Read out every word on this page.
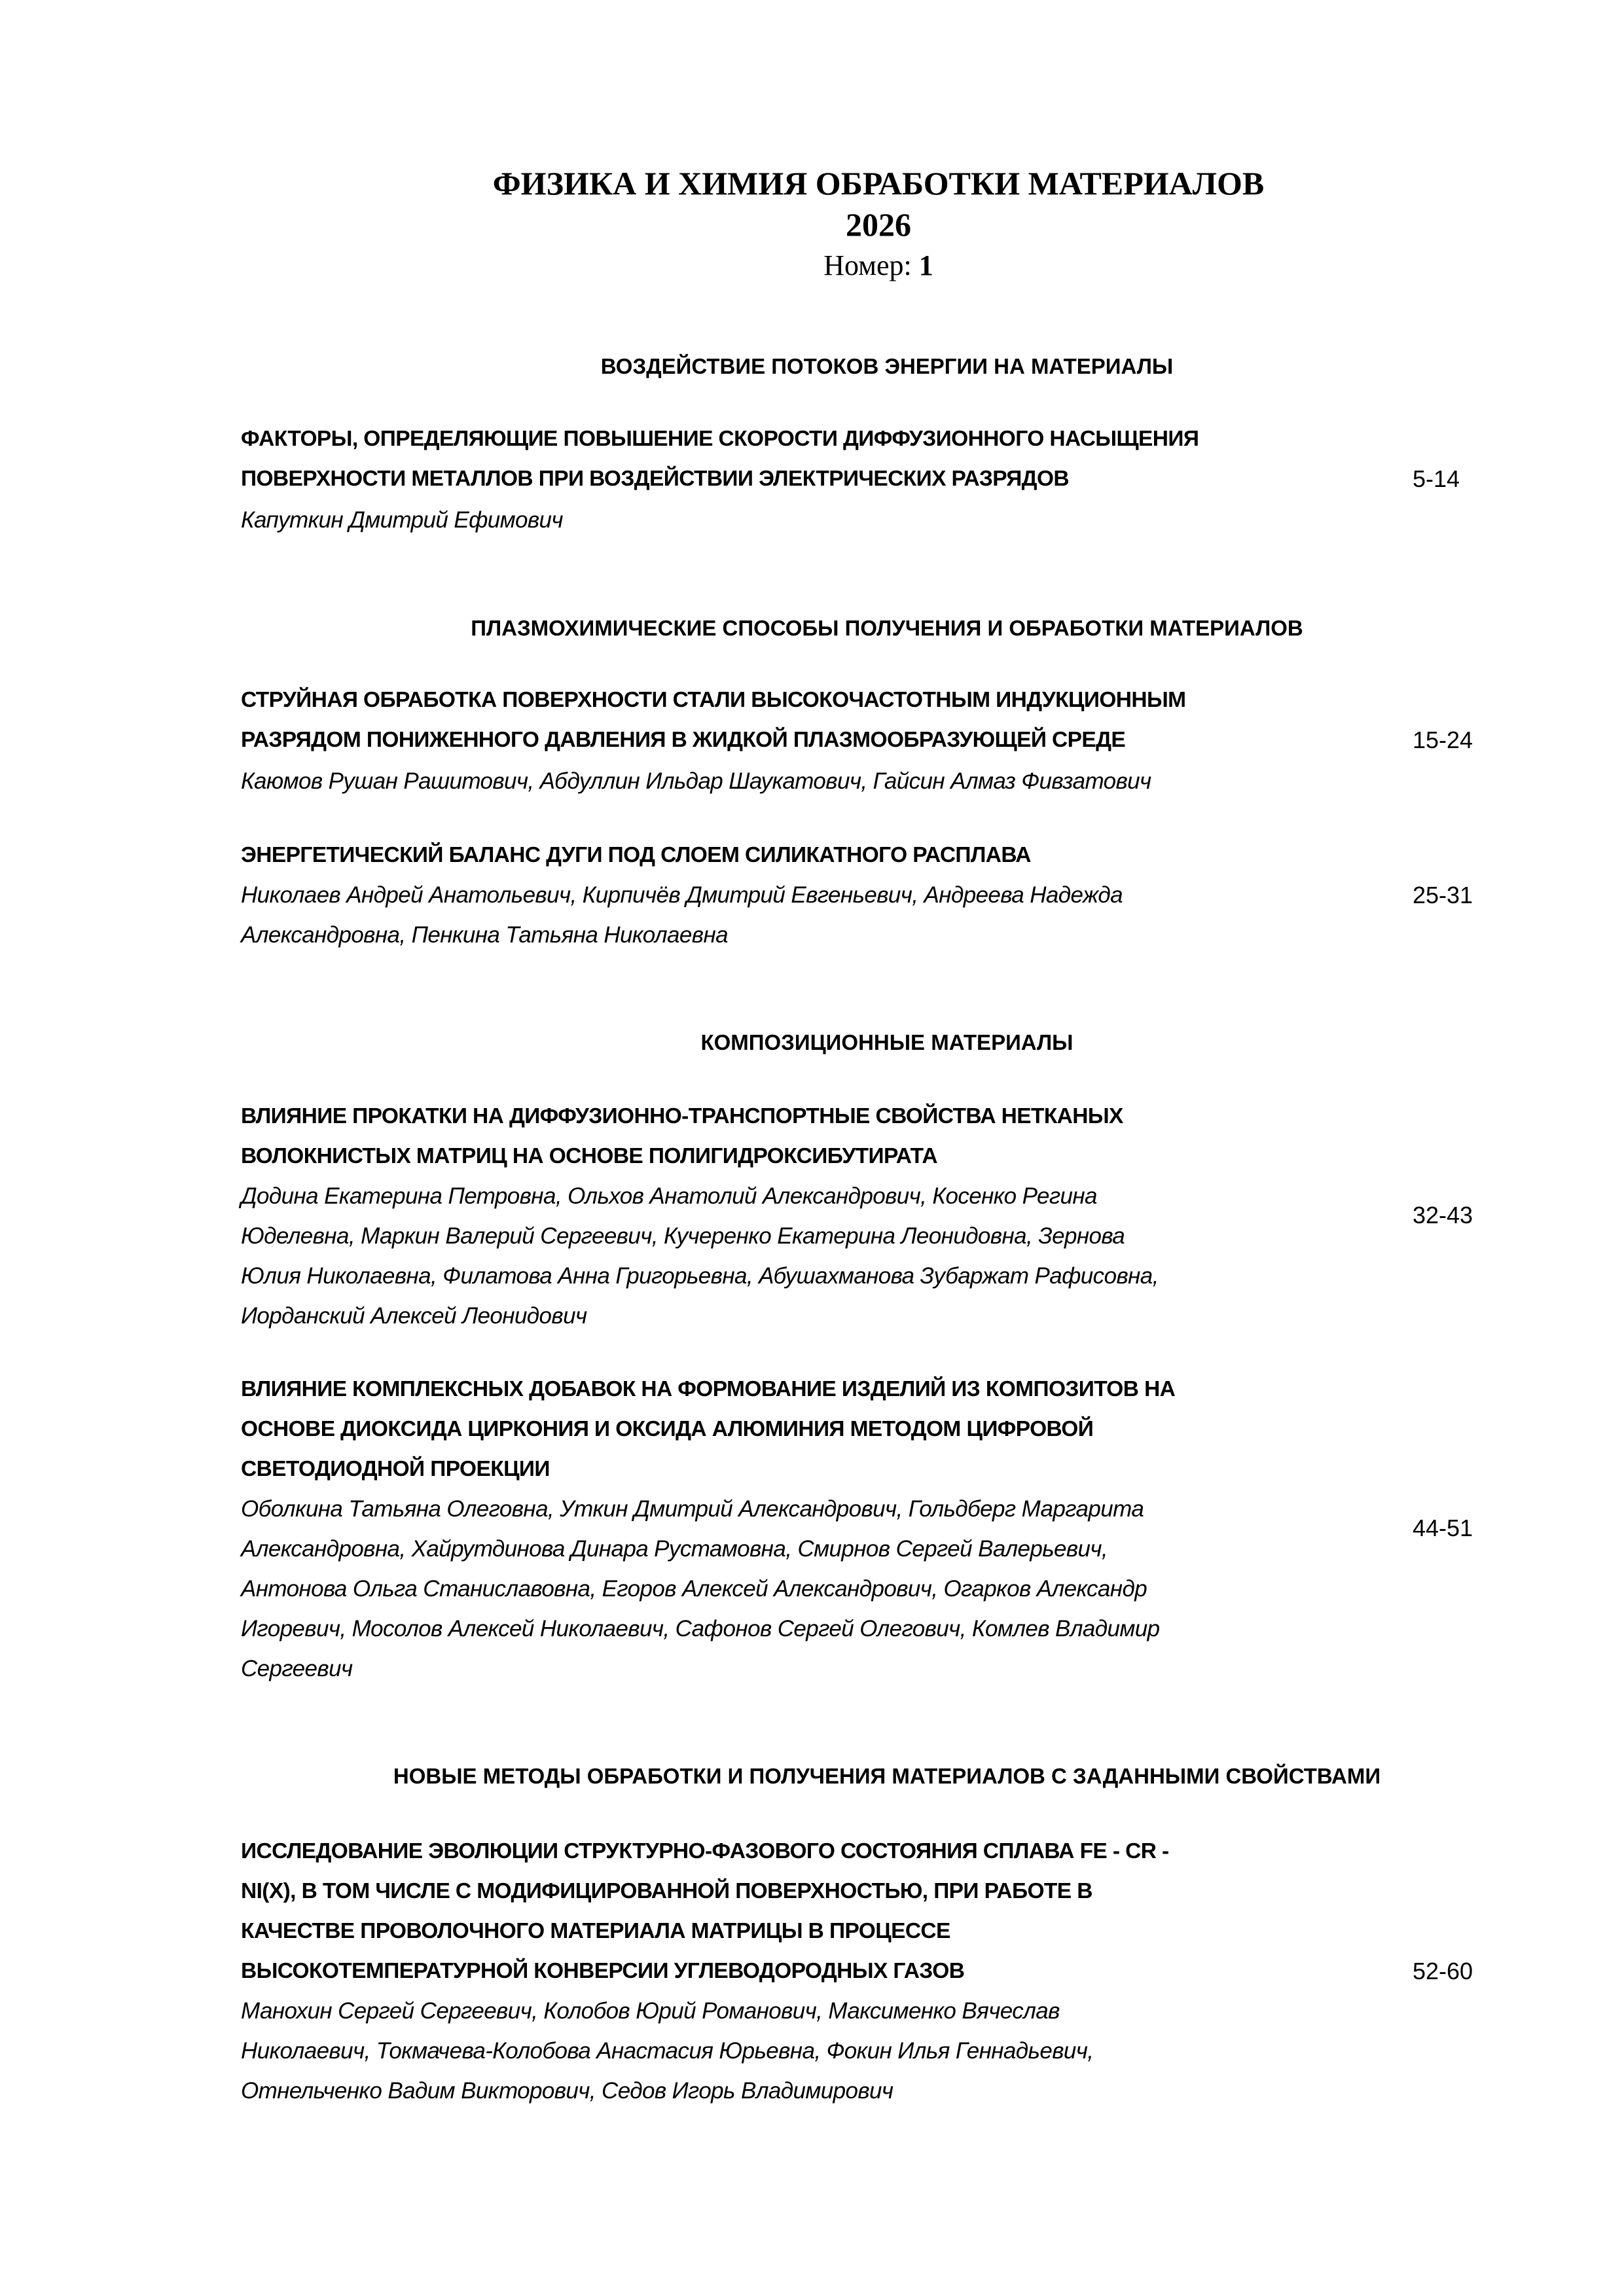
ФИЗИКА И ХИМИЯ ОБРАБОТКИ МАТЕРИАЛОВ
2026
Номер: 1
ВОЗДЕЙСТВИЕ ПОТОКОВ ЭНЕРГИИ НА МАТЕРИАЛЫ
ФАКТОРЫ, ОПРЕДЕЛЯЮЩИЕ ПОВЫШЕНИЕ СКОРОСТИ ДИФФУЗИОННОГО НАСЫЩЕНИЯ
ПОВЕРХНОСТИ МЕТАЛЛОВ ПРИ ВОЗДЕЙСТВИИ ЭЛЕКТРИЧЕСКИХ РАЗРЯДОВ
Капуткин Дмитрий Ефимович
5-14
ПЛАЗМОХИМИЧЕСКИЕ СПОСОБЫ ПОЛУЧЕНИЯ И ОБРАБОТКИ МАТЕРИАЛОВ
СТРУЙНАЯ ОБРАБОТКА ПОВЕРХНОСТИ СТАЛИ ВЫСОКОЧАСТОТНЫМ ИНДУКЦИОННЫМ
РАЗРЯДОМ ПОНИЖЕННОГО ДАВЛЕНИЯ В ЖИДКОЙ ПЛАЗМООБРАЗУЮЩЕЙ СРЕДЕ
Каюмов Рушан Рашитович, Абдуллин Ильдар Шаукатович, Гайсин Алмаз Фивзатович
15-24
ЭНЕРГЕТИЧЕСКИЙ БАЛАНС ДУГИ ПОД СЛОЕМ СИЛИКАТНОГО РАСПЛАВА
Николаев Андрей Анатольевич, Кирпичёв Дмитрий Евгеньевич, Андреева Надежда
Александровна, Пенкина Татьяна Николаевна
25-31
КОМПОЗИЦИОННЫЕ МАТЕРИАЛЫ
ВЛИЯНИЕ ПРОКАТКИ НА ДИФФУЗИОННО-ТРАНСПОРТНЫЕ СВОЙСТВА НЕТКАНЫХ
ВОЛОКНИСТЫХ МАТРИЦ НА ОСНОВЕ ПОЛИГИДРОКСИБУТИРАТА
Додина Екатерина Петровна, Ольхов Анатолий Александрович, Косенко Регина
Юделевна, Маркин Валерий Сергеевич, Кучеренко Екатерина Леонидовна, Зернова
Юлия Николаевна, Филатова Анна Григорьевна, Абушахманова Зубаржат Рафисовна,
Иорданский Алексей Леонидович
32-43
ВЛИЯНИЕ КОМПЛЕКСНЫХ ДОБАВОК НА ФОРМОВАНИЕ ИЗДЕЛИЙ ИЗ КОМПОЗИТОВ НА
ОСНОВЕ ДИОКСИДА ЦИРКОНИЯ И ОКСИДА АЛЮМИНИЯ МЕТОДОМ ЦИФРОВОЙ
СВЕТОДИОДНОЙ ПРОЕКЦИИ
Оболкина Татьяна Олеговна, Уткин Дмитрий Александрович, Гольдберг Маргарита
Александровна, Хайрутдинова Динара Рустамовна, Смирнов Сергей Валерьевич,
Антонова Ольга Станиславовна, Егоров Алексей Александрович, Огарков Александр
Игоревич, Мосолов Алексей Николаевич, Сафонов Сергей Олегович, Комлев Владимир
Сергеевич
44-51
НОВЫЕ МЕТОДЫ ОБРАБОТКИ И ПОЛУЧЕНИЯ МАТЕРИАЛОВ С ЗАДАННЫМИ СВОЙСТВАМИ
ИССЛЕДОВАНИЕ ЭВОЛЮЦИИ СТРУКТУРНО-ФАЗОВОГО СОСТОЯНИЯ СПЛАВА FE - CR -
NI(X), В ТОМ ЧИСЛЕ С МОДИФИЦИРОВАННОЙ ПОВЕРХНОСТЬЮ, ПРИ РАБОТЕ В
КАЧЕСТВЕ ПРОВОЛОЧНОГО МАТЕРИАЛА МАТРИЦЫ В ПРОЦЕССЕ
ВЫСОКОТЕМПЕРАТУРНОЙ КОНВЕРСИИ УГЛЕВОДОРОДНЫХ ГАЗОВ
Манохин Сергей Сергеевич, Колобов Юрий Романович, Максименко Вячеслав
Николаевич, Токмачева-Колобова Анастасия Юрьевна, Фокин Илья Геннадьевич,
Отнельченко Вадим Викторович, Седов Игорь Владимирович
52-60
